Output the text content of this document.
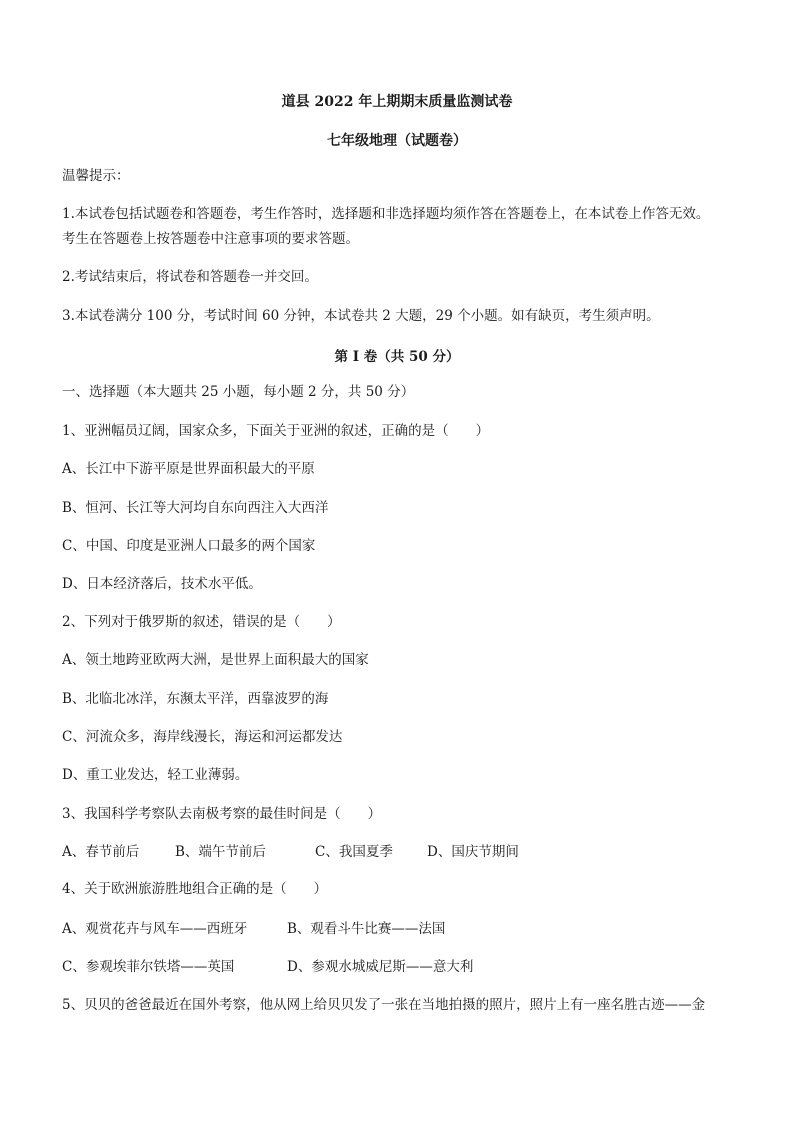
道县 2022 年上期期末质量监测试卷
七年级地理（试题卷）
温馨提示：
1.本试卷包括试题卷和答题卷，考生作答时，选择题和非选择题均须作答在答题卷上，在本试卷上作答无效。
考生在答题卷上按答题卷中注意事项的要求答题。
2.考试结束后，将试卷和答题卷一并交回。
3.本试卷满分 100 分，考试时间 60 分钟，本试卷共 2 大题，29 个小题。如有缺页，考生须声明。
第 I 卷（共 50 分）
一、选择题（本大题共 25 小题，每小题 2 分，共 50 分）
1、亚洲幅员辽阔，国家众多，下面关于亚洲的叙述，正确的是（　　）
A、长江中下游平原是世界面积最大的平原
B、恒河、长江等大河均自东向西注入大西洋
C、中国、印度是亚洲人口最多的两个国家
D、日本经济落后，技术水平低。
2、下列对于俄罗斯的叙述，错误的是（　　）
A、领土地跨亚欧两大洲，是世界上面积最大的国家
B、北临北冰洋，东濒太平洋，西靠波罗的海
C、河流众多，海岸线漫长，海运和河运都发达
D、重工业发达，轻工业薄弱。
3、我国科学考察队去南极考察的最佳时间是（　　）
A、春节前后	B、端午节前后	C、我国夏季	D、国庆节期间
4、关于欧洲旅游胜地组合正确的是（　　）
A、观赏花卉与风车——西班牙	B、观看斗牛比赛——法国
C、参观埃菲尔铁塔——英国	D、参观水城威尼斯——意大利
5、贝贝的爸爸最近在国外考察，他从网上给贝贝发了一张在当地拍摄的照片，照片上有一座名胜古迹——金
